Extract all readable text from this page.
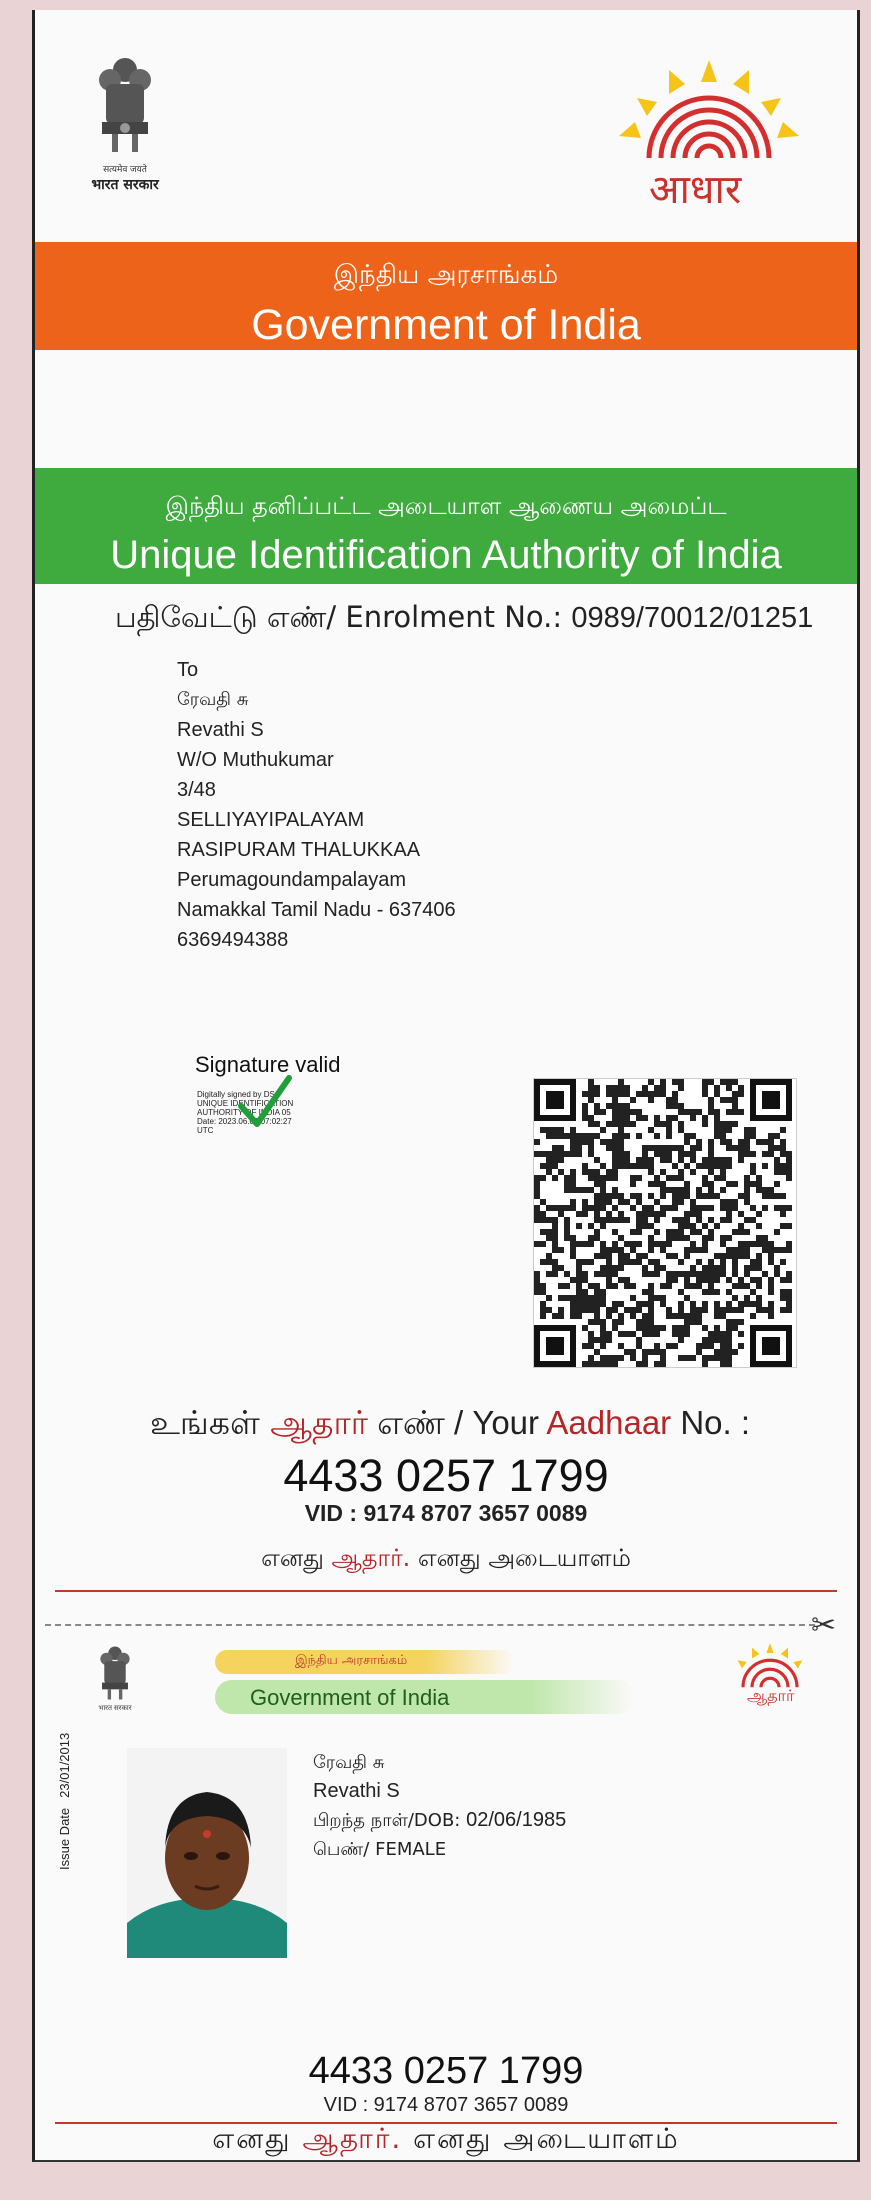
सत्यमेव जयते
भारत सरकार	आधार
இந்திய அரசாங்கம்
Government of India
இந்திய தனிப்பட்ட அடையாள ஆணைய அமைப்ட
Unique Identification Authority of India
பதிவேட்டு எண்/ Enrolment No.: 0989/70012/01251
To
ரேவதி சு
Revathi S
W/O Muthukumar
3/48
SELLIYAYIPALAYAM
RASIPURAM THALUKKAA
Perumagoundampalayam
Namakkal Tamil Nadu - 637406
6369494388
Signature valid
Digitally signed by DS
UNIQUE IDENTIFICATION
AUTHORITY OF INDIA 05
Date: 2023.06.06 07:02:27
UTC
உங்கள் ஆதார் எண் / Your Aadhaar No. :
4433 0257 1799
VID : 9174 8707 3657 0089
எனது ஆதார். எனது அடையாளம்
✂
भारत सरकार
இந்திய அரசாங்கம்
Government of India	ஆதார்
Issue Date23/01/2013	ரேவதி சு
Revathi S
பிறந்த நாள்/DOB: 02/06/1985
பெண்/ FEMALE
4433 0257 1799
VID : 9174 8707 3657 0089
எனது ஆதார். எனது அடையாளம்
